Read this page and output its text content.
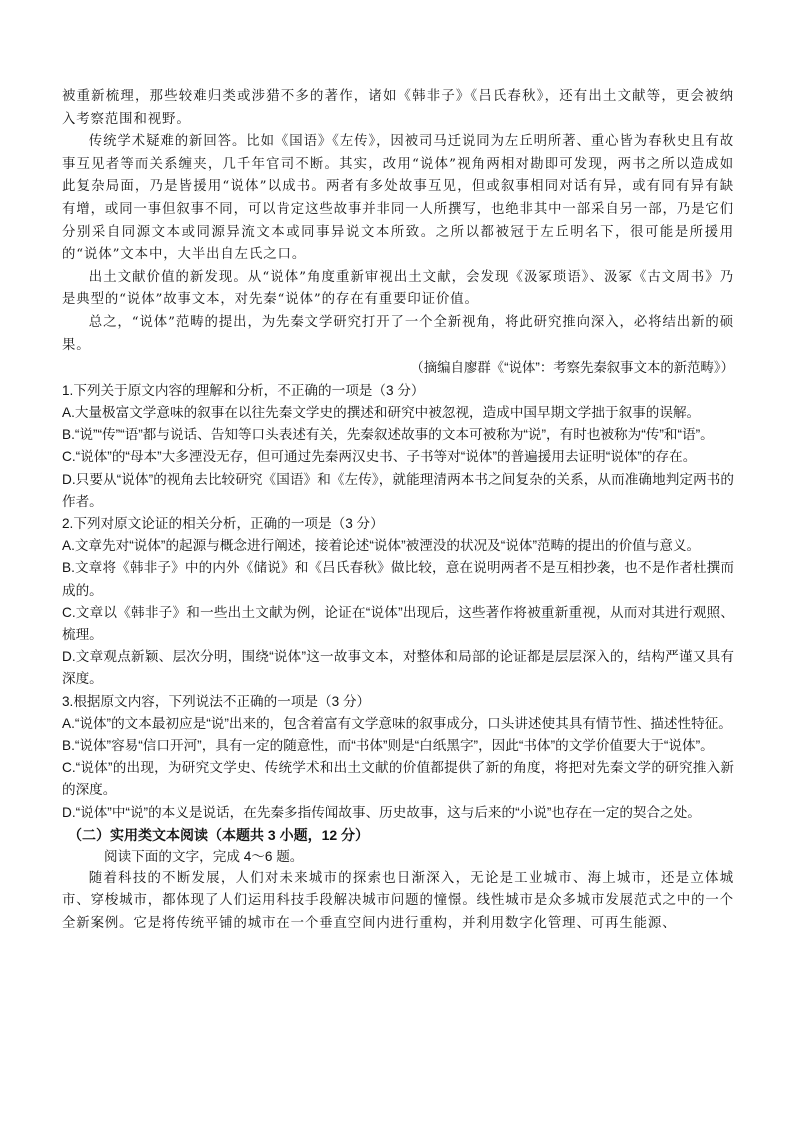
被重新梳理，那些较难归类或涉猎不多的著作，诸如《韩非子》《吕氏春秋》，还有出土文献等，更会被纳入考察范围和视野。

传统学术疑难的新回答。比如《国语》《左传》，因被司马迁说同为左丘明所著、重心皆为春秋史且有故事互见者等而关系缠夹，几千年官司不断。其实，改用“说体”视角两相对勘即可发现，两书之所以造成如此复杂局面，乃是皆援用“说体”以成书。两者有多处故事互见，但或叙事相同对话有异，或有同有异有缺有增，或同一事但叙事不同，可以肯定这些故事并非同一人所撰写，也绝非其中一部采自另一部，乃是它们分别采自同源文本或同源异流文本或同事异说文本所致。之所以都被冠于左丘明名下，很可能是所援用的“说体”文本中，大半出自左氏之口。

出土文献价值的新发现。从“说体”角度重新审视出土文献，会发现《汲冢琐语》、汲冢《古文周书》乃是典型的“说体”故事文本，对先秦“说体”的存在有重要印证价值。

总之，“说体”范畴的提出，为先秦文学研究打开了一个全新视角，将此研究推向深入，必将结出新的硕果。

（摘编自廖群《“说体”：考察先秦叙事文本的新范畴》）

1.下列关于原文内容的理解和分析，不正确的一项是（3 分）

A.大量极富文学意味的叙事在以往先秦文学史的撰述和研究中被忽视，造成中国早期文学拙于叙事的误解。

B.“说”“传”“语”都与说话、告知等口头表述有关，先秦叙述故事的文本可被称为“说”，有时也被称为“传”和“语”。

C.“说体”的“母本”大多湮没无存，但可通过先秦两汉史书、子书等对“说体”的普遍援用去证明“说体”的存在。

D.只要从“说体”的视角去比较研究《国语》和《左传》，就能理清两本书之间复杂的关系，从而准确地判定两书的作者。

2.下列对原文论证的相关分析，正确的一项是（3 分）

A.文章先对“说体”的起源与概念进行阐述，接着论述“说体”被湮没的状况及“说体”范畴的提出的价值与意义。

B.文章将《韩非子》中的内外《储说》和《吕氏春秋》做比较，意在说明两者不是互相抄袭，也不是作者杜撰而成的。

C.文章以《韩非子》和一些出土文献为例，论证在“说体”出现后，这些著作将被重新重视，从而对其进行观照、梳理。

D.文章观点新颖、层次分明，围绕“说体”这一故事文本，对整体和局部的论证都是层层深入的，结构严谨又具有深度。

3.根据原文内容，下列说法不正确的一项是（3 分）

A.“说体”的文本最初应是“说”出来的，包含着富有文学意味的叙事成分，口头讲述使其具有情节性、描述性特征。

B.“说体”容易“信口开河”，具有一定的随意性，而“书体”则是“白纸黑字”，因此“书体”的文学价值要大于“说体”。

C.“说体”的出现，为研究文学史、传统学术和出土文献的价值都提供了新的角度，将把对先秦文学的研究推入新的深度。

D.“说体”中“说”的本义是说话，在先秦多指传闻故事、历史故事，这与后来的“小说”也存在一定的契合之处。

（二）实用类文本阅读（本题共 3 小题，12 分）

阅读下面的文字，完成 4～6 题。

随着科技的不断发展，人们对未来城市的探索也日渐深入，无论是工业城市、海上城市，还是立体城市、穿梭城市，都体现了人们运用科技手段解决城市问题的憧憬。线性城市是众多城市发展范式之中的一个全新案例。它是将传统平铺的城市在一个垂直空间内进行重构，并利用数字化管理、可再生能源、
